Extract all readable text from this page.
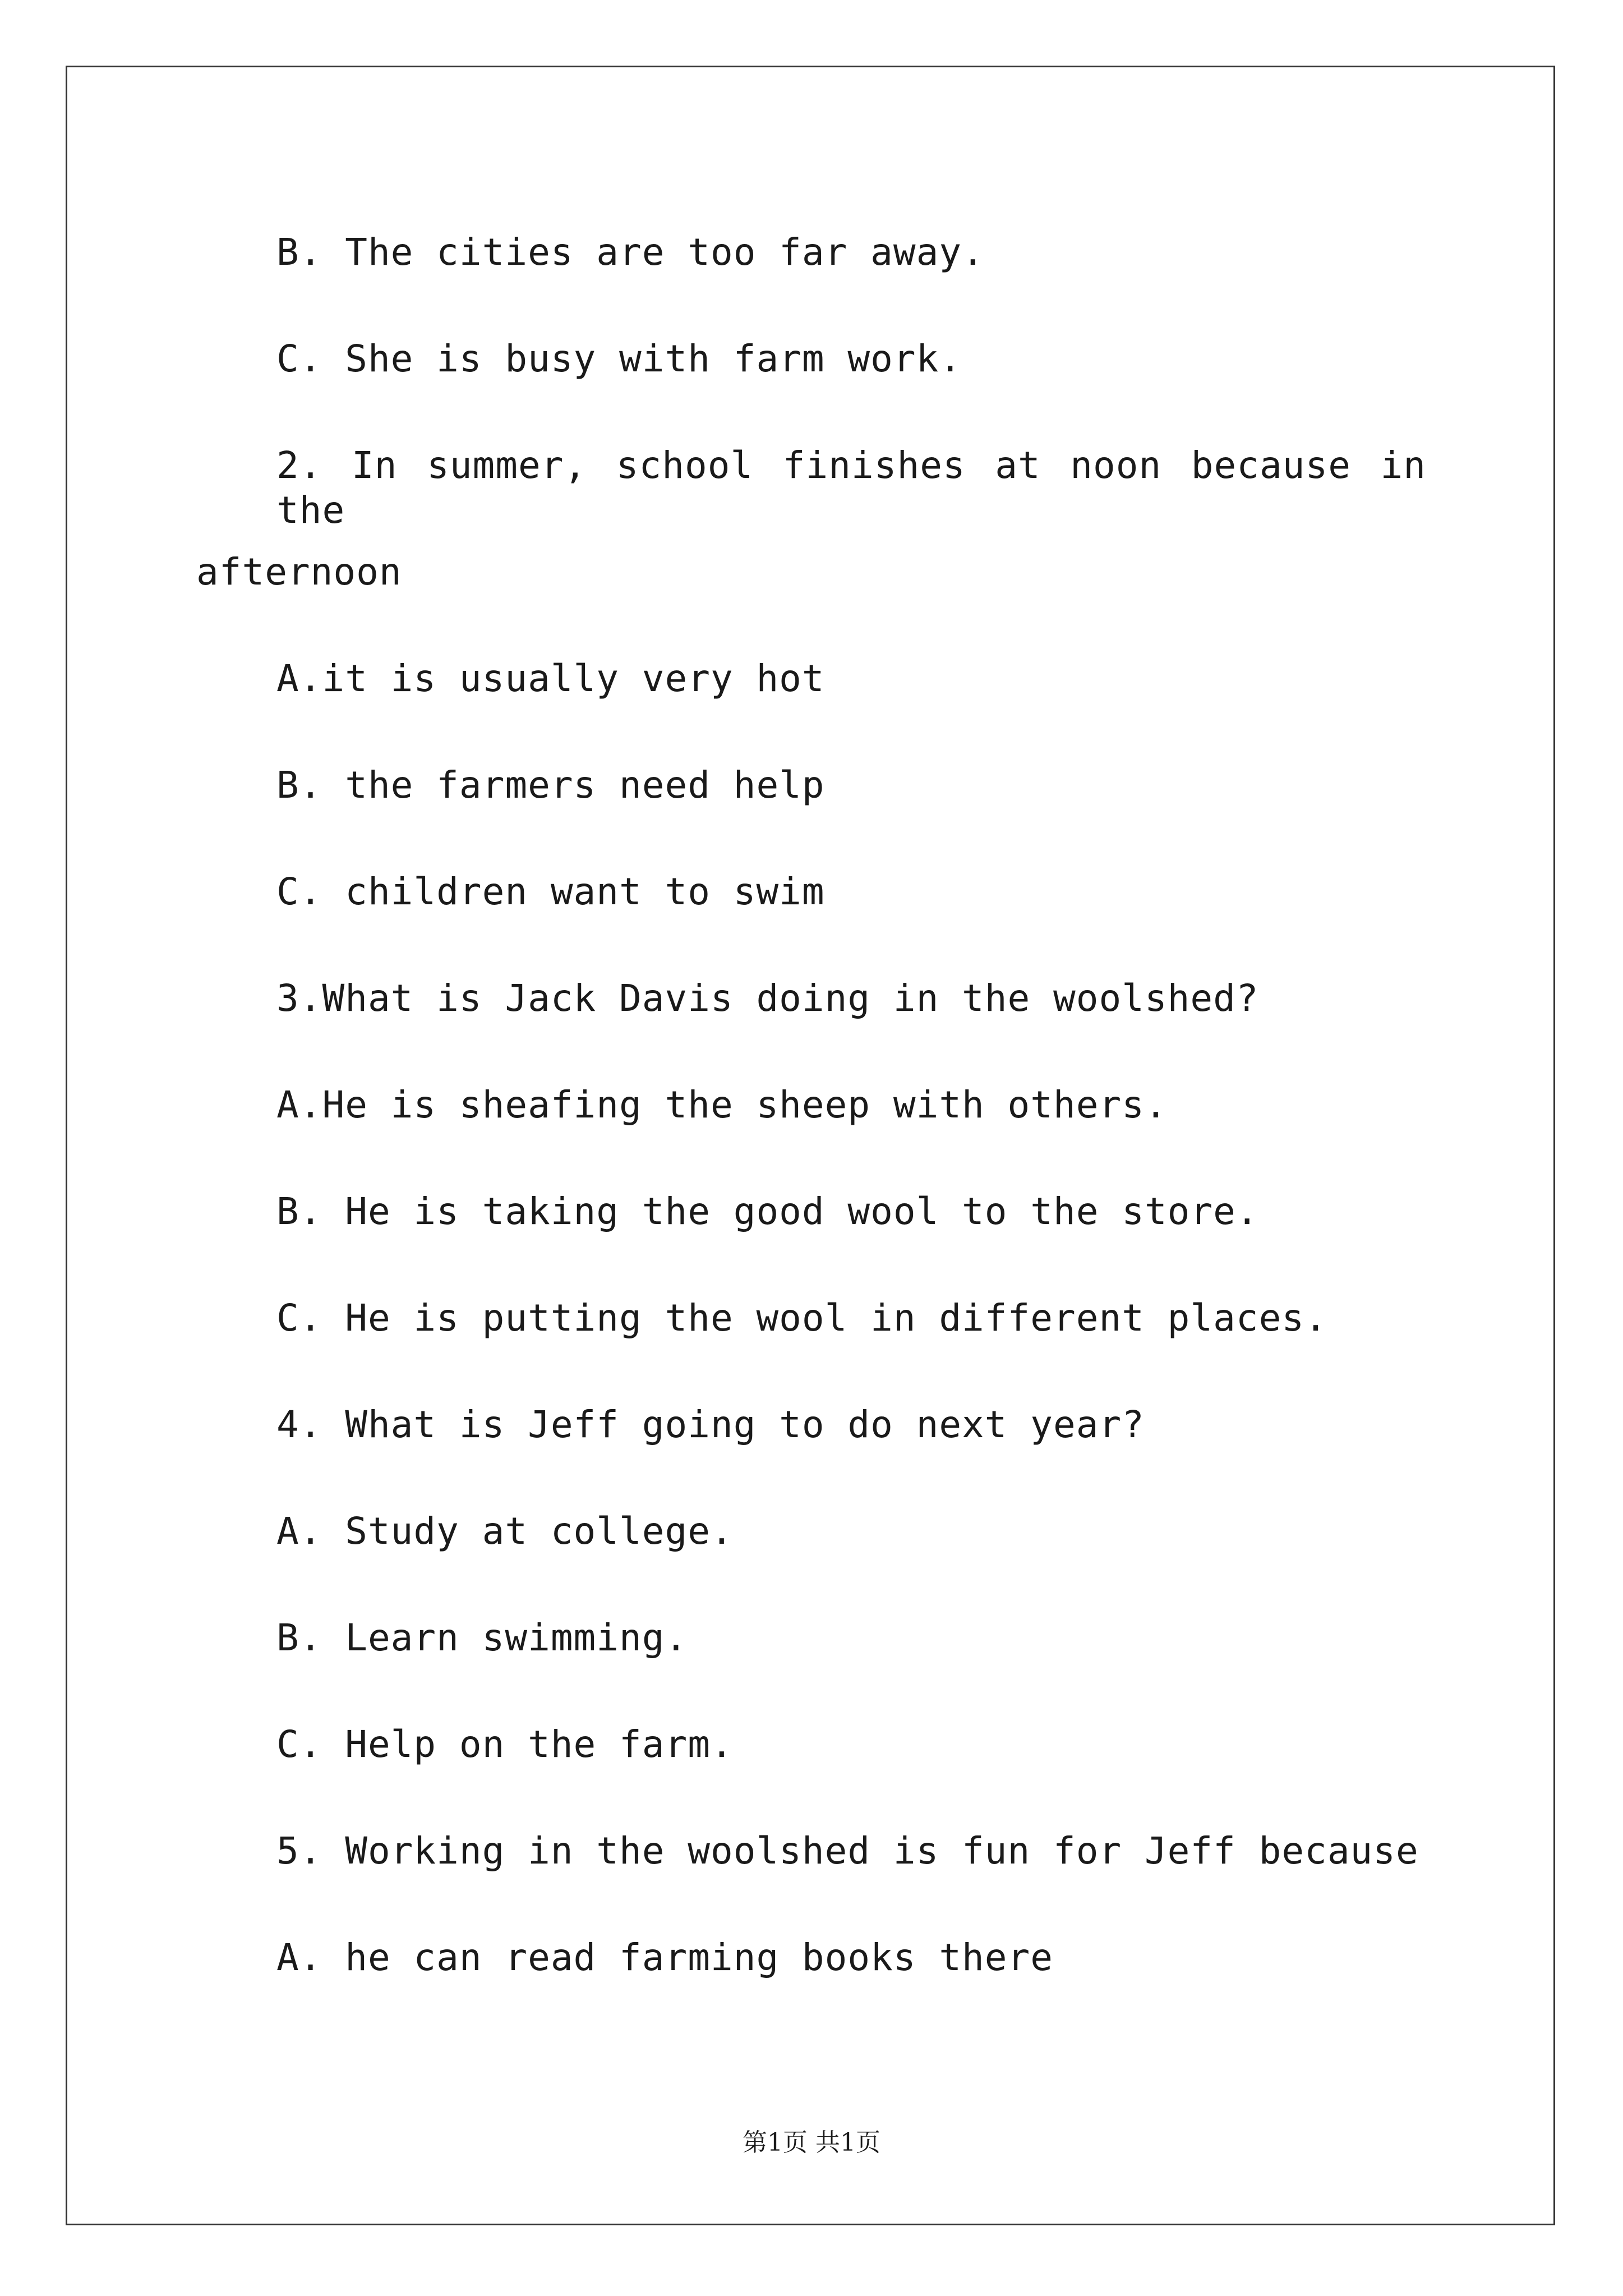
B. The cities are too far away.
C. She is busy with farm work.
2. In summer, school finishes at noon because in the
afternoon
A.it is usually very hot
B. the farmers need help
C. children want to swim
3.What is Jack Davis doing in the woolshed?
A.He is sheafing the sheep with others.
B. He is taking the good wool to the store.
C. He is putting the wool in different places.
4. What is Jeff going to do next year?
A. Study at college.
B. Learn swimming.
C. Help on the farm.
5. Working in the woolshed is fun for Jeff because
A. he can read farming books there
第1页 共1页
